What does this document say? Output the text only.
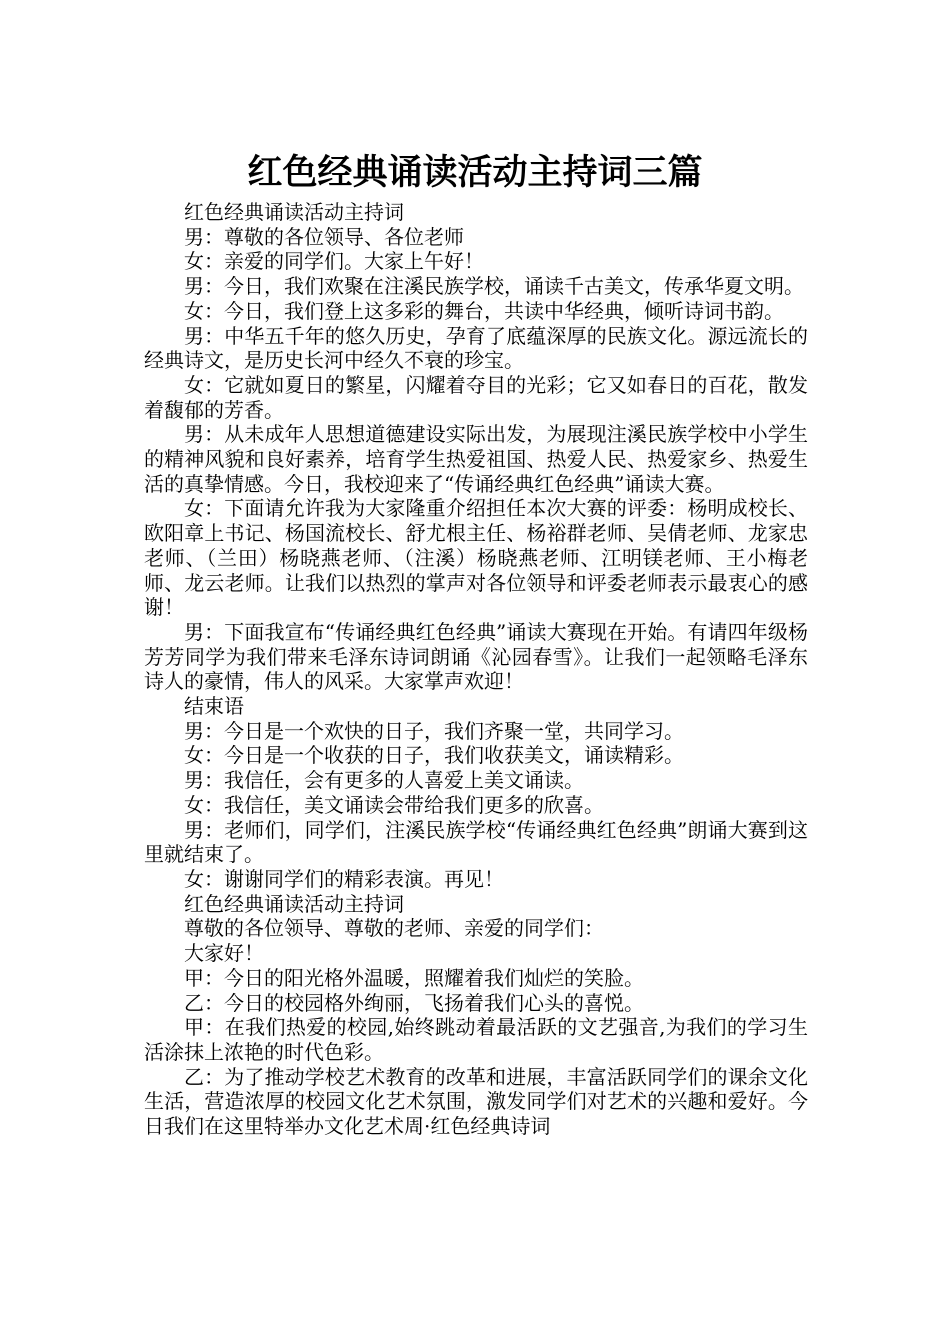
红色经典诵读活动主持词三篇

红色经典诵读活动主持词

男：尊敬的各位领导、各位老师

女：亲爱的同学们。大家上午好！

男：今日，我们欢聚在注溪民族学校，诵读千古美文，传承华夏文明。

女：今日，我们登上这多彩的舞台，共读中华经典，倾听诗词书韵。

男：中华五千年的悠久历史，孕育了底蕴深厚的民族文化。源远流长的经典诗文，是历史长河中经久不衰的珍宝。

女：它就如夏日的繁星，闪耀着夺目的光彩；它又如春日的百花，散发着馥郁的芳香。

男：从未成年人思想道德建设实际出发，为展现注溪民族学校中小学生的精神风貌和良好素养，培育学生热爱祖国、热爱人民、热爱家乡、热爱生活的真挚情感。今日，我校迎来了“传诵经典红色经典”诵读大赛。

女：下面请允许我为大家隆重介绍担任本次大赛的评委：杨明成校长、欧阳章上书记、杨国流校长、舒尤根主任、杨裕群老师、吴倩老师、龙家忠老师、（兰田）杨晓燕老师、（注溪）杨晓燕老师、江明镁老师、王小梅老师、龙云老师。让我们以热烈的掌声对各位领导和评委老师表示最衷心的感谢！

男：下面我宣布“传诵经典红色经典”诵读大赛现在开始。有请四年级杨芳芳同学为我们带来毛泽东诗词朗诵《沁园春雪》。让我们一起领略毛泽东诗人的豪情，伟人的风采。大家掌声欢迎！

结束语

男：今日是一个欢快的日子，我们齐聚一堂，共同学习。

女：今日是一个收获的日子，我们收获美文，诵读精彩。

男：我信任，会有更多的人喜爱上美文诵读。

女：我信任，美文诵读会带给我们更多的欣喜。

男：老师们，同学们，注溪民族学校“传诵经典红色经典”朗诵大赛到这里就结束了。

女：谢谢同学们的精彩表演。再见！

红色经典诵读活动主持词

尊敬的各位领导、尊敬的老师、亲爱的同学们：

大家好！

甲：今日的阳光格外温暖，照耀着我们灿烂的笑脸。

乙：今日的校园格外绚丽，飞扬着我们心头的喜悦。

甲：在我们热爱的校园,始终跳动着最活跃的文艺强音,为我们的学习生活涂抹上浓艳的时代色彩。

乙：为了推动学校艺术教育的改革和进展，丰富活跃同学们的课余文化生活，营造浓厚的校园文化艺术氛围，激发同学们对艺术的兴趣和爱好。今日我们在这里特举办文化艺术周·红色经典诗词
